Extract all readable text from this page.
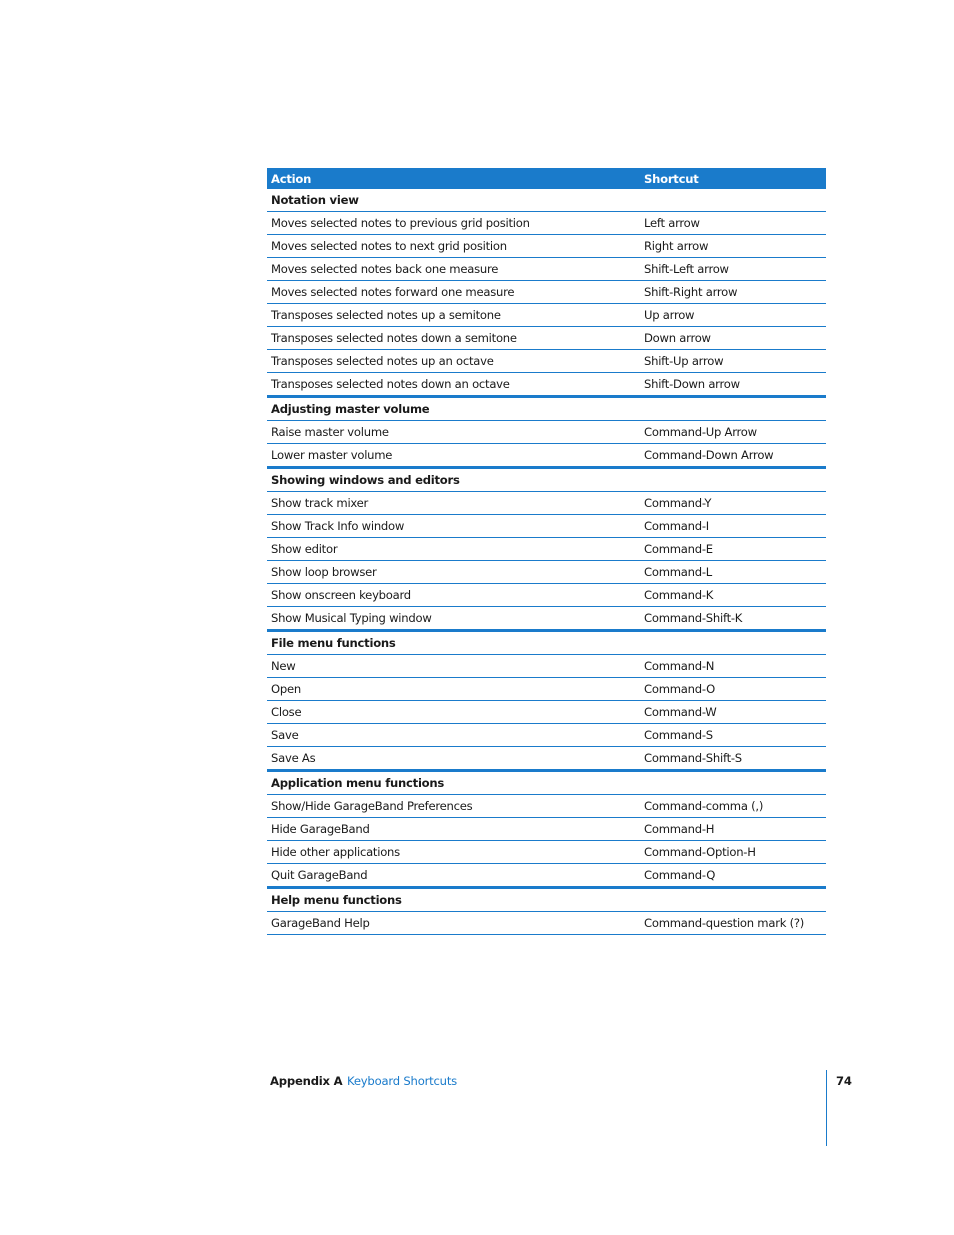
Action	Shortcut
Notation view	
Moves selected notes to previous grid position	Left arrow
Moves selected notes to next grid position	Right arrow
Moves selected notes back one measure	Shift-Left arrow
Moves selected notes forward one measure	Shift-Right arrow
Transposes selected notes up a semitone	Up arrow
Transposes selected notes down a semitone	Down arrow
Transposes selected notes up an octave	Shift-Up arrow
Transposes selected notes down an octave	Shift-Down arrow
Adjusting master volume	
Raise master volume	Command-Up Arrow
Lower master volume	Command-Down Arrow
Showing windows and editors	
Show track mixer	Command-Y
Show Track Info window	Command-I
Show editor	Command-E
Show loop browser	Command-L
Show onscreen keyboard	Command-K
Show Musical Typing window	Command-Shift-K
File menu functions	
New	Command-N
Open	Command-O
Close	Command-W
Save	Command-S
Save As	Command-Shift-S
Application menu functions	
Show/Hide GarageBand Preferences	Command-comma (,)
Hide GarageBand	Command-H
Hide other applications	Command-Option-H
Quit GarageBand	Command-Q
Help menu functions	
GarageBand Help	Command-question mark (?)
Appendix A Keyboard Shortcuts	74
